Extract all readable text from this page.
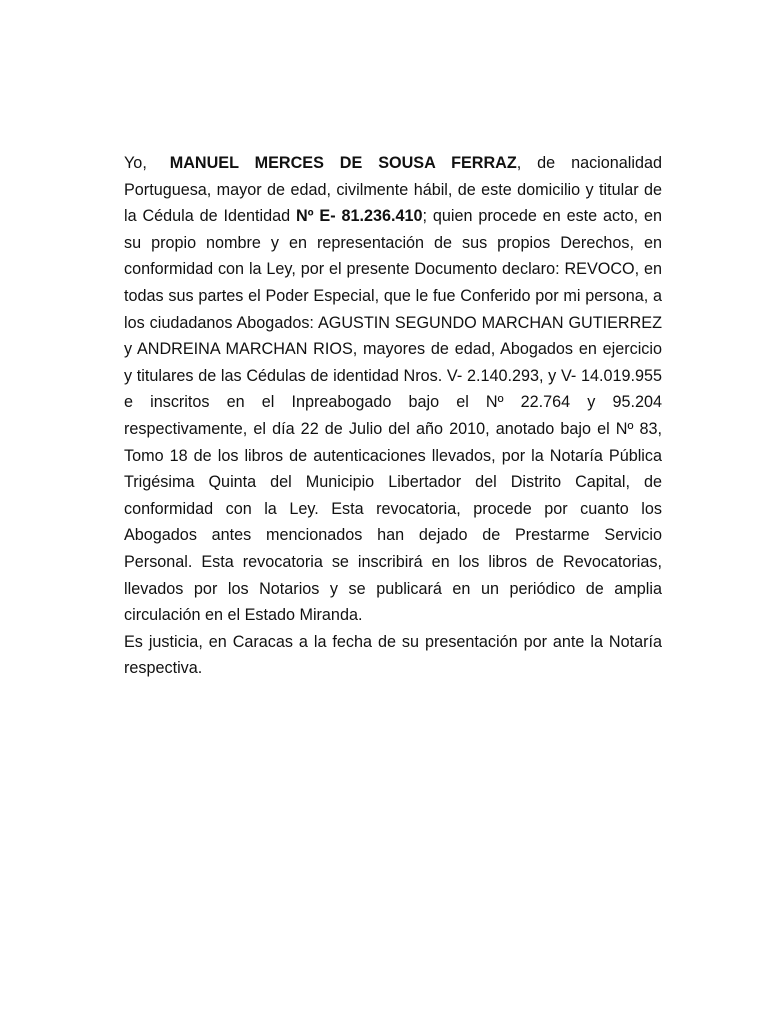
Yo, MANUEL MERCES DE SOUSA FERRAZ, de nacionalidad Portuguesa, mayor de edad, civilmente hábil, de este domicilio y titular de la Cédula de Identidad Nº E- 81.236.410; quien procede en este acto, en su propio nombre y en representación de sus propios Derechos, en conformidad con la Ley, por el presente Documento declaro: REVOCO, en todas sus partes el Poder Especial, que le fue Conferido por mi persona, a los ciudadanos Abogados: AGUSTIN SEGUNDO MARCHAN GUTIERREZ y ANDREINA MARCHAN RIOS, mayores de edad, Abogados en ejercicio y titulares de las Cédulas de identidad Nros. V- 2.140.293, y V- 14.019.955 e inscritos en el Inpreabogado bajo el Nº 22.764 y 95.204 respectivamente, el día 22 de Julio del año 2010, anotado bajo el Nº 83, Tomo 18 de los libros de autenticaciones llevados, por la Notaría Pública Trigésima Quinta del Municipio Libertador del Distrito Capital, de conformidad con la Ley. Esta revocatoria, procede por cuanto los Abogados antes mencionados han dejado de Prestarme Servicio Personal. Esta revocatoria se inscribirá en los libros de Revocatorias, llevados por los Notarios y se publicará en un periódico de amplia circulación en el Estado Miranda.

Es justicia, en Caracas a la fecha de su presentación por ante la Notaría respectiva.
